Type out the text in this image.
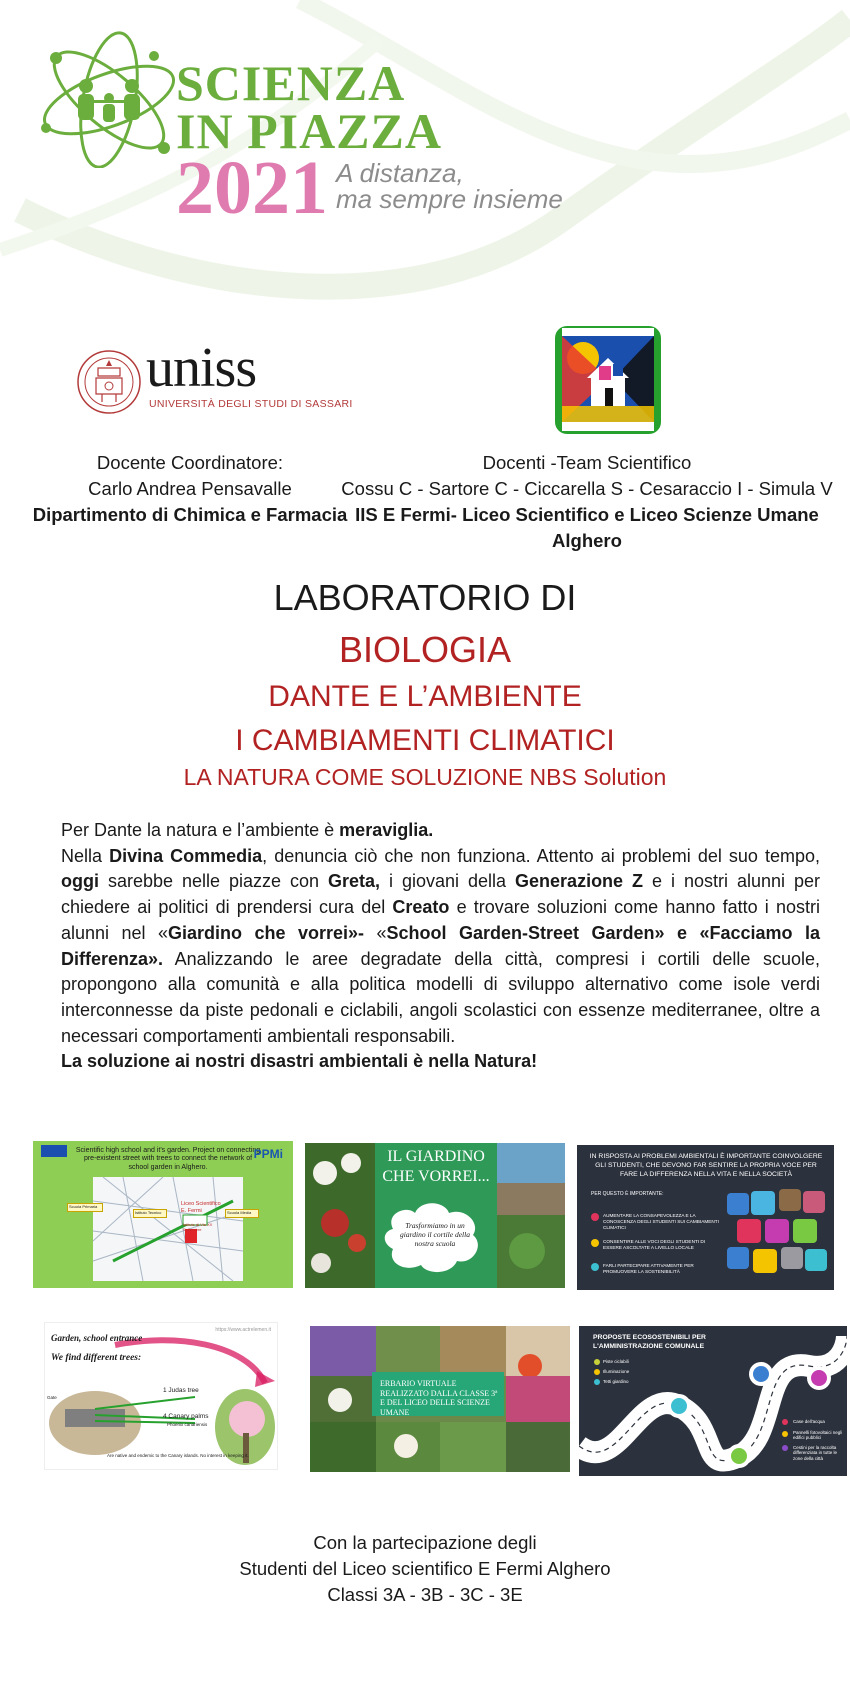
SCIENZA
IN PIAZZA
2021 A distanza,
ma sempre insieme
uniss
UNIVERSITÀ DEGLI STUDI DI SASSARI
Docente Coordinatore:
Carlo Andrea Pensavalle
Dipartimento di Chimica e Farmacia
Docenti -Team Scientifico
Cossu C - Sartore C - Ciccarella S - Cesaraccio I - Simula V
IIS E Fermi- Liceo Scientifico e Liceo Scienze Umane
Alghero
LABORATORIO DI
BIOLOGIA
DANTE E L’AMBIENTE
I CAMBIAMENTI CLIMATICI
LA NATURA COME SOLUZIONE NBS Solution
Per Dante la natura e l’ambiente è meraviglia.
Nella Divina Commedia, denuncia ciò che non funziona. Attento ai problemi del suo tempo, oggi sarebbe nelle piazze con Greta, i giovani della Generazione Z e i nostri alunni per chiedere ai politici di prendersi cura del Creato e trovare soluzioni come hanno fatto i nostri alunni nel «Giardino che vorrei»- «School Garden-Street Garden» e «Facciamo la Differenza». Analizzando le aree degradate della città, compresi i cortili delle scuole, propongono alla comunità e alla politica modelli di sviluppo alternativo come isole verdi interconnesse da piste pedonali e ciclabili, angoli scolastici con essenze mediterranee, oltre a necessari comportamenti ambientali responsabili.
La soluzione ai nostri disastri ambientali è nella Natura!
Scientific high school and it's garden. Project on connecting pre-existent street with trees to connect the network of school garden in Alghero.
PPMi
Liceo Scientifico E. Fermi
Scuola Primaria
Istituto Tecnico
Istituto di Via XX Settembre
Scuola Media
IL GIARDINO CHE VORREI...
Trasformiamo in un giardino il cortile della nostra scuola
IN RISPOSTA AI PROBLEMI AMBIENTALI È IMPORTANTE COINVOLGERE GLI STUDENTI, CHE DEVONO FAR SENTIRE LA PROPRIA VOCE PER FARE LA DIFFERENZA NELLA VITA E NELLA SOCIETÀ
PER QUESTO È IMPORTANTE:
AUMENTARE LA CONSAPEVOLEZZA E LA CONOSCENZA DEGLI STUDENTI SUI CAMBIAMENTI CLIMATICI
CONSENTIRE ALLE VOCI DEGLI STUDENTI DI ESSERE ASCOLTATE A LIVELLO LOCALE
FARLI PARTECIPARE ATTIVAMENTE PER PROMUOVERE LA SOSTENIBILITÀ
Garden, school entrance
We find different trees:
https://www.actrelemen.it
1 Judas tree
4 Canary palms
Phoenix canariensis
Gate
Are native and endemic to the Canary islands. No interest in keeping it.
ERBARIO VIRTUALE REALIZZATO DALLA CLASSE 3ª E DEL LICEO DELLE SCIENZE UMANE
PROPOSTE ECOSOSTENIBILI PER L'AMMINISTRAZIONE COMUNALE
Piste ciclabili
Illuminazione
Tetti giardino
Case dell'acqua
Pannelli fotovoltaici negli edifici pubblici
Cestini per la raccolta differenziata in tutte le zone della città
Con la partecipazione degli
Studenti del Liceo scientifico E Fermi Alghero
Classi 3A - 3B - 3C - 3E
